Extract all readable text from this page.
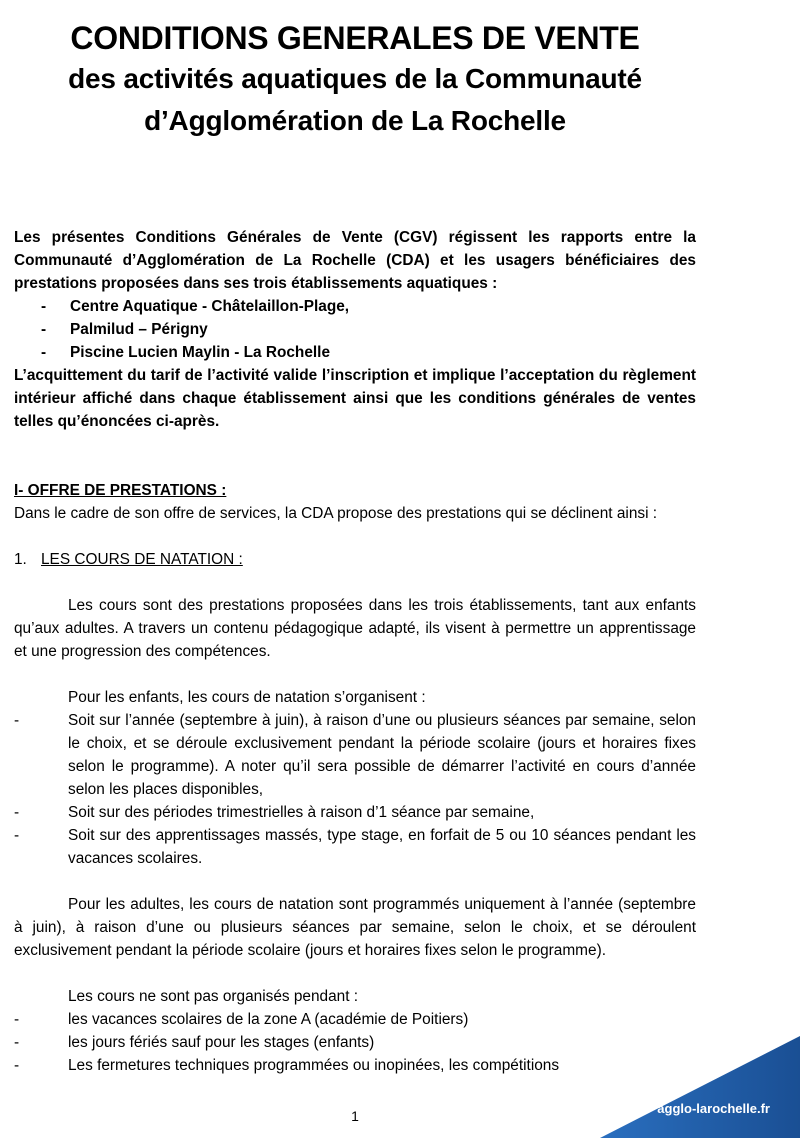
CONDITIONS GENERALES DE VENTE
des activités aquatiques de la Communauté
d’Agglomération de La Rochelle
Les présentes Conditions Générales de Vente (CGV) régissent les rapports entre la Communauté d’Agglomération de La Rochelle (CDA) et les usagers bénéficiaires des prestations proposées dans ses trois établissements aquatiques :
- Centre Aquatique - Châtelaillon-Plage,
- Palmilud – Périgny
- Piscine Lucien Maylin - La Rochelle
L’acquittement du tarif de l’activité valide l’inscription et implique l’acceptation du règlement intérieur affiché dans chaque établissement ainsi que les conditions générales de ventes telles qu’énoncées ci-après.
I- OFFRE DE PRESTATIONS :
Dans le cadre de son offre de services, la CDA propose des prestations qui se déclinent ainsi :
1. LES COURS DE NATATION :
Les cours sont des prestations proposées dans les trois établissements, tant aux enfants qu’aux adultes. A travers un contenu pédagogique adapté, ils visent à permettre un apprentissage et une progression des compétences.
Pour les enfants, les cours de natation s’organisent :
-	Soit sur l’année (septembre à juin), à raison d’une ou plusieurs séances par semaine, selon le choix, et se déroule exclusivement pendant la période scolaire (jours et horaires fixes selon le programme). A noter qu’il sera possible de démarrer l’activité en cours d’année selon les places disponibles,
-	Soit sur des périodes trimestrielles à raison d’1 séance par semaine,
-	Soit sur des apprentissages massés, type stage, en forfait de 5 ou 10 séances pendant les vacances scolaires.
Pour les adultes, les cours de natation sont programmés uniquement à l’année (septembre à juin), à raison d’une ou plusieurs séances par semaine, selon le choix, et se déroulent exclusivement pendant la période scolaire (jours et horaires fixes selon le programme).
Les cours ne sont pas organisés pendant :
-	les vacances scolaires de la zone A (académie de Poitiers)
-	les jours fériés sauf pour les stages (enfants)
-	Les fermetures techniques programmées ou inopinées, les compétitions
1	agglo-larochelle.fr
